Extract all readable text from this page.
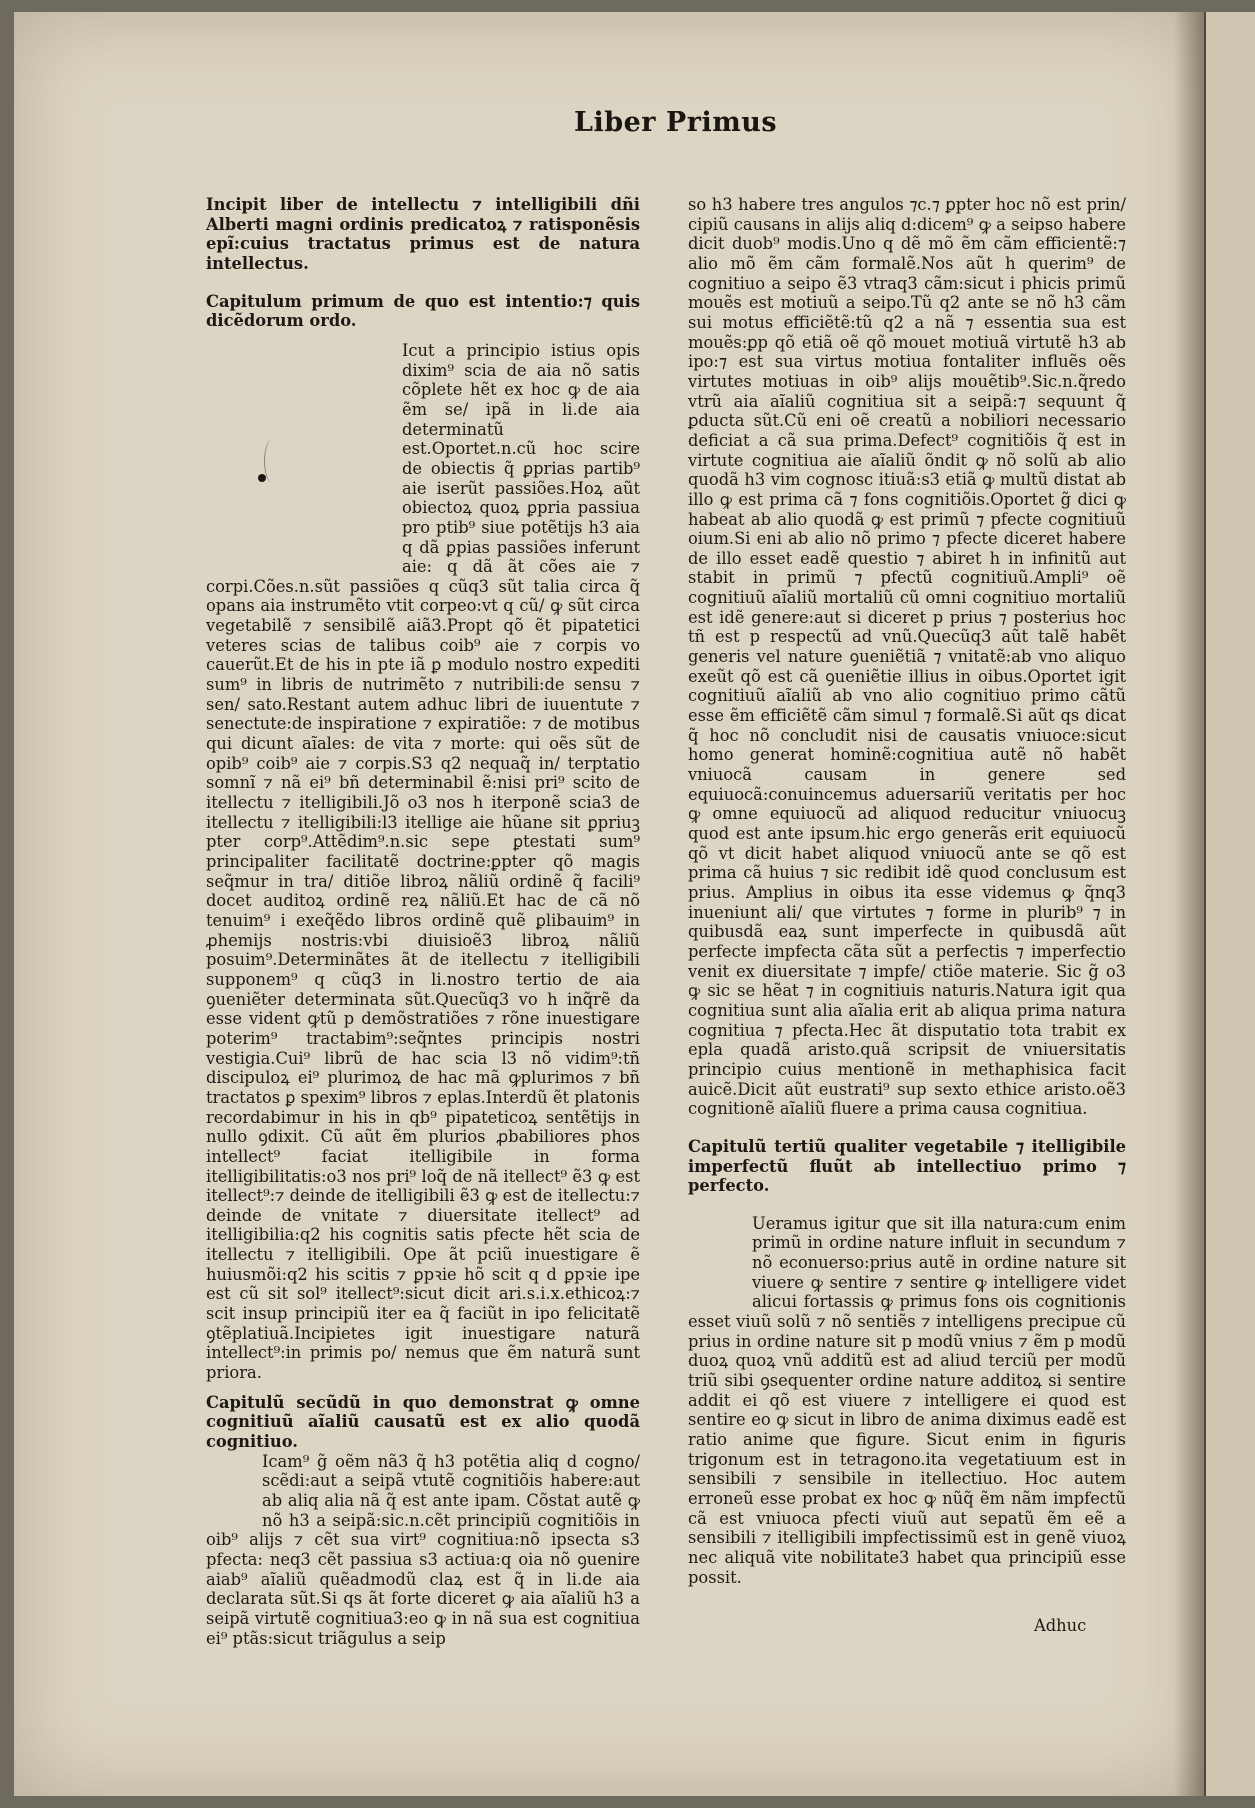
Liber Primus

Incipit liber de intellectu ⁊ intelligibili dñi Alberti magni ordinis predicatoꝝ ⁊ ratisponẽsis epĩ:cuius tractatus primus est de natura intellectus.

Capitulum primum de quo est intentio:⁊ quis dicẽdorum ordo.

Icut a principio istius opis dixim⁹ scia de aia nõ satis cõplete hẽt ex hoc ꝙ de aia ẽm se/ ipã in li.de aia determinatũ est.Oportet.n.cũ hoc scire de obiectis q̃ ꝑprias partib⁹ aie iserũt passiões.Hoꝝ aũt obiectoꝝ quoꝝ ꝑpria passiua pro ptib⁹ siue potẽtijs h3 aia q dã ꝑpias passiões inferunt aie: q dã ãt cões aie ⁊ corpi.Cões.n.sũt passiões q cũq3 sũt talia circa q̃ opans aia instrumẽto vtit corpeo:vt q cũ/ ꝙ sũt circa vegetabilẽ ⁊ sensibilẽ aiã3.Propt qõ ẽt pipatetici veteres scias de talibus coib⁹ aie ⁊ corpis vo cauerũt.Et de his in pte iã ꝑ modulo nostro expediti sum⁹ in libris de nutrimẽto ⁊ nutribili:de sensu ⁊ sen/ sato.Restant autem adhuc libri de iuuentute ⁊ senectute:de inspiratione ⁊ expiratiõe: ⁊ de motibus qui dicunt aĩales: de vita ⁊ morte: qui oẽs sũt de opib⁹ coib⁹ aie ⁊ corpis.S3 q2 nequaq̃ in/ terptatio somnĩ ⁊ nã ei⁹ bñ determinabil ẽ:nisi pri⁹ scito de itellectu ⁊ itelligibili.Jõ o3 nos h iterponẽ scia3 de itellectu ⁊ itelligibili:l3 itellige aie hũane sit ꝑpriuꝫ pter corp⁹.Attẽdim⁹.n.sic sepe ꝑtestati sum⁹ principaliter facilitatẽ doctrine:ꝑpter qõ magis seq̃mur in tra/ ditiõe libroꝝ nãliũ ordinẽ q̃ facili⁹ docet auditoꝝ ordinẽ reꝝ nãliũ.Et hac de cã nõ tenuim⁹ i exeq̃ẽdo libros ordinẽ quẽ ꝑlibauim⁹ in ꝓhemijs nostris:vbi diuisioẽ3 libroꝝ nãliũ posuim⁹.Determinãtes ãt de itellectu ⁊ itelligibili supponem⁹ q cũq3 in li.nostro tertio de aia ꝯueniẽter determinata sũt.Quecũq3 vo h inq̃rẽ da esse vident ꝙtũ p demõstratiões ⁊ rõne inuestigare poterim⁹ tractabim⁹:seq̃ntes principis nostri vestigia.Cui⁹ librũ de hac scia l3 nõ vidim⁹:tñ discipuloꝝ ei⁹ plurimoꝝ de hac mã ꝙplurimos ⁊ bñ tractatos ꝑ spexim⁹ libros ⁊ eplas.Interdũ ẽt platonis recordabimur in his in qb⁹ pipateticoꝝ sentẽtijs in nullo ꝯdixit. Cũ aũt ẽm plurios ꝓbabiliores phos intellect⁹ faciat itelligibile in forma itelligibilitatis:o3 nos pri⁹ loq̃ de nã itellect⁹ ẽ3 ꝙ est itellect⁹:⁊ deinde de itelligibili ẽ3 ꝙ est de itellectu:⁊ deinde de vnitate ⁊ diuersitate itellect⁹ ad itelligibilia:q2 his cognitis satis pfecte hẽt scia de itellectu ⁊ itelligibili. Ope ãt pciũ inuestigare ẽ huiusmõi:q2 his scitis ⁊ ꝑpꝛie hõ scit q d ꝑpꝛie ipe est cũ sit sol⁹ itellect⁹:sicut dicit ari.s.i.x.ethicoꝝ:⁊ scit insup principiũ iter ea q̃ faciũt in ipo felicitatẽ ꝯtẽplatiuã.Incipietes igit inuestigare naturã intellect⁹:in primis po/ nemus que ẽm naturã sunt priora.

Capitulũ secũdũ in quo demonstrat ꝙ omne cognitiuũ aĩaliũ causatũ est ex alio quodã cognitiuo.

Icam⁹ g̃ oẽm nã3 q̃ h3 potẽtia aliq d cogno/ scẽdi:aut a seipã vtutẽ cognitiõis habere:aut ab aliq alia nã q̃ est ante ipam. Cõstat autẽ ꝙ nõ h3 a seipã:sic.n.cẽt principiũ cognitiõis in oib⁹ alijs ⁊ cẽt sua virt⁹ cognitiua:nõ ipsecta s3 pfecta: neq3 cẽt passiua s3 actiua:q oia nõ ꝯuenire aiab⁹ aĩaliũ quẽadmodũ claꝝ est q̃ in li.de aia declarata sũt.Si qs ãt forte diceret ꝙ aia aĩaliũ h3 a seipã virtutẽ cognitiua3:eo ꝙ in nã sua est cognitiua ei⁹ ptãs:sicut triãgulus a seip

so h3 habere tres angulos ⁊c.⁊ ꝑpter hoc nõ est prin/ cipiũ causans in alijs aliq d:dicem⁹ ꝙ a seipso habere dicit duob⁹ modis.Uno q dẽ mõ ẽm cãm efficientẽ:⁊ alio mõ ẽm cãm formalẽ.Nos aũt h querim⁹ de cognitiuo a seipo ẽ3 vtraq3 cãm:sicut i phicis primũ mouẽs est motiuũ a seipo.Tũ q2 ante se nõ h3 cãm sui motus efficiẽtẽ:tũ q2 a nã ⁊ essentia sua est mouẽs:ꝑp qõ etiã oẽ qõ mouet motiuã virtutẽ h3 ab ipo:⁊ est sua virtus motiua fontaliter influẽs oẽs virtutes motiuas in oib⁹ alijs mouẽtib⁹.Sic.n.q̃redo vtrũ aia aĩaliũ cognitiua sit a seipã:⁊ sequunt q̃ ꝑducta sũt.Cũ eni oẽ creatũ a nobiliori necessario deficiat a cã sua prima.Defect⁹ cognitiõis q̃ est in virtute cognitiua aie aĩaliũ õndit ꝙ nõ solũ ab alio quodã h3 vim cognosc itiuã:s3 etiã ꝙ multũ distat ab illo ꝙ est prima cã ⁊ fons cognitiõis.Oportet g̃ dici ꝙ habeat ab alio quodã ꝙ est primũ ⁊ pfecte cognitiuũ oium.Si eni ab alio nõ primo ⁊ pfecte diceret habere de illo esset eadẽ questio ⁊ abiret h in infinitũ aut stabit in primũ ⁊ pfectũ cognitiuũ.Ampli⁹ oẽ cognitiuũ aĩaliũ mortaliũ cũ omni cognitiuo mortaliũ est idẽ genere:aut si diceret p prius ⁊ posterius hoc tñ est p respectũ ad vnũ.Quecũq3 aũt talẽ habẽt generis vel nature ꝯueniẽtiã ⁊ vnitatẽ:ab vno aliquo exeũt qõ est cã ꝯueniẽtie illius in oibus.Oportet igit cognitiuũ aĩaliũ ab vno alio cognitiuo primo cãtũ esse ẽm efficiẽtẽ cãm simul ⁊ formalẽ.Si aũt qs dicat q̃ hoc nõ concludit nisi de causatis vniuoce:sicut homo generat hominẽ:cognitiua autẽ nõ habẽt vniuocã causam in genere sed equiuocã:conuincemus aduersariũ veritatis per hoc ꝙ omne equiuocũ ad aliquod reducitur vniuocuꝫ quod est ante ipsum.hic ergo generãs erit equiuocũ qõ vt dicit habet aliquod vniuocũ ante se qõ est prima cã huius ⁊ sic redibit idẽ quod conclusum est prius. Amplius in oibus ita esse videmus ꝙ q̃nq3 inueniunt ali/ que virtutes ⁊ forme in plurib⁹ ⁊ in quibusdã eaꝝ sunt imperfecte in quibusdã aũt perfecte impfecta cãta sũt a perfectis ⁊ imperfectio venit ex diuersitate ⁊ impfe/ ctiõe materie. Sic g̃ o3 ꝙ sic se hẽat ⁊ in cognitiuis naturis.Natura igit qua cognitiua sunt alia aĩalia erit ab aliqua prima natura cognitiua ⁊ pfecta.Hec ãt disputatio tota trabit ex epla quadã aristo.quã scripsit de vniuersitatis principio cuius mentionẽ in methaphisica facit auicẽ.Dicit aũt eustrati⁹ sup sexto ethice aristo.oẽ3 cognitionẽ aĩaliũ fluere a prima causa cognitiua.

Capitulũ tertiũ qualiter vegetabile ⁊ itelligibile imperfectũ fluũt ab intellectiuo primo ⁊ perfecto.

Ueramus igitur que sit illa natura:cum enim primũ in ordine nature influit in secundum ⁊ nõ econuerso:prius autẽ in ordine nature sit viuere ꝙ sentire ⁊ sentire ꝙ intelligere videt alicui fortassis ꝙ primus fons ois cognitionis esset viuũ solũ ⁊ nõ sentiẽs ⁊ intelligens precipue cũ prius in ordine nature sit p modũ vnius ⁊ ẽm p modũ duoꝝ quoꝝ vnũ additũ est ad aliud terciũ per modũ triũ sibi ꝯsequenter ordine nature additoꝝ si sentire addit ei qõ est viuere ⁊ intelligere ei quod est sentire eo ꝙ sicut in libro de anima diximus eadẽ est ratio anime que figure. Sicut enim in figuris trigonum est in tetragono.ita vegetatiuum est in sensibili ⁊ sensibile in itellectiuo. Hoc autem erroneũ esse probat ex hoc ꝙ nũq̃ ẽm nãm impfectũ cã est vniuoca pfecti viuũ aut sepatũ ẽm eẽ a sensibili ⁊ itelligibili impfectissimũ est in genẽ viuoꝝ nec aliquã vite nobilitate3 habet qua principiũ esse possit.

Adhuc
